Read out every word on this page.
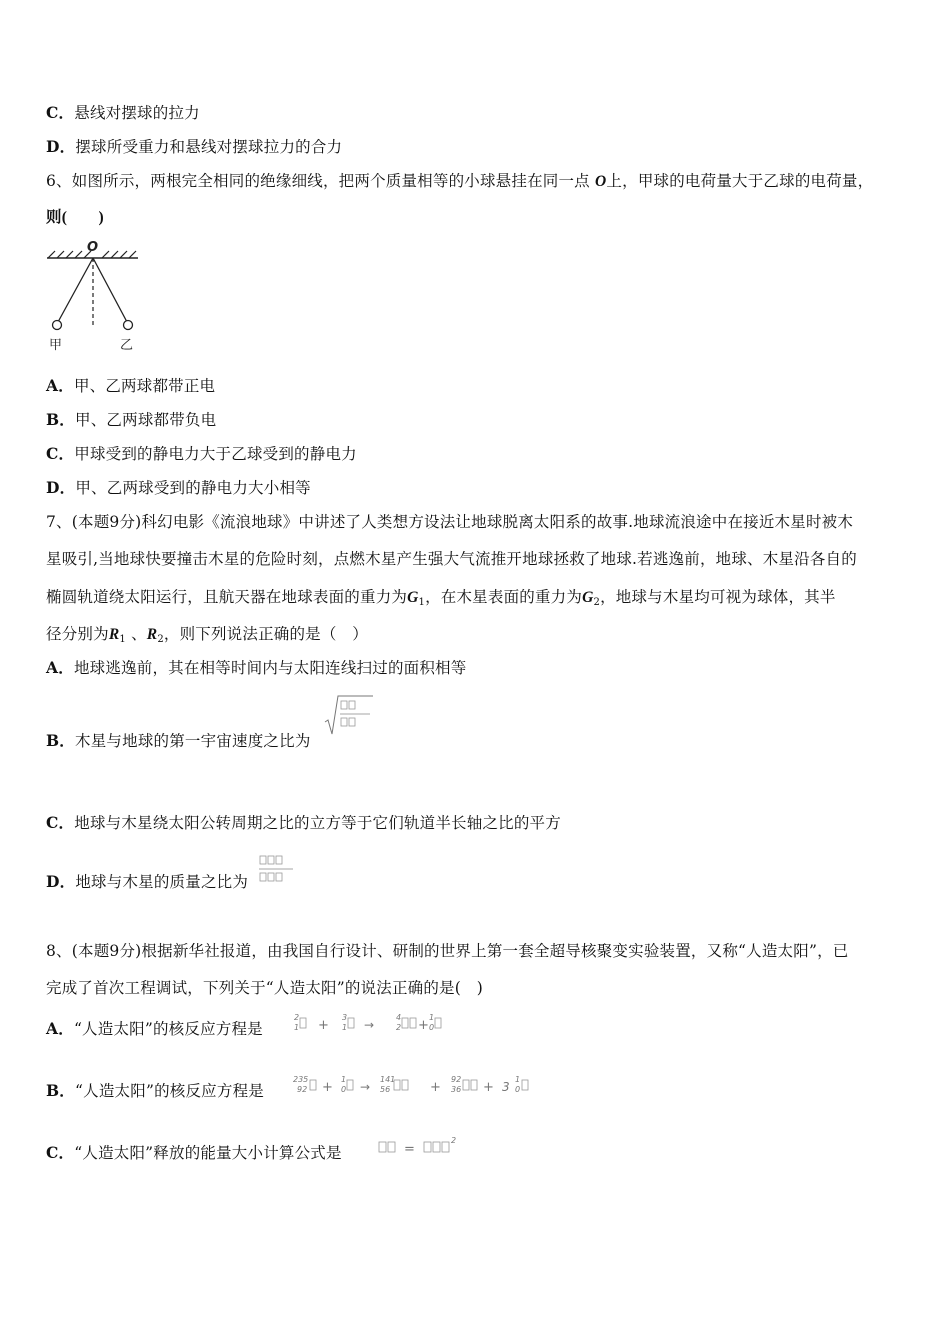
C．悬线对摆球的拉力
D．摆球所受重力和悬线对摆球拉力的合力
6、如图所示，两根完全相同的绝缘细线，把两个质量相等的小球悬挂在同一点 O上，甲球的电荷量大于乙球的电荷量，
则(　　)
O
甲	乙
A．甲、乙两球都带正电
B．甲、乙两球都带负电
C．甲球受到的静电力大于乙球受到的静电力
D．甲、乙两球受到的静电力大小相等
7、(本题9分)科幻电影《流浪地球》中讲述了人类想方设法让地球脱离太阳系的故事.地球流浪途中在接近木星时被木
星吸引,当地球快要撞击木星的危险时刻，点燃木星产生强大气流推开地球拯救了地球.若逃逸前，地球、木星沿各自的
椭圆轨道绕太阳运行，且航天器在地球表面的重力为$G_1$，在木星表面的重力为$G_2$，地球与木星均可视为球体，其半
径分别为$R_1$ 、$R_2$，则下列说法正确的是（　）
A．地球逃逸前，其在相等时间内与太阳连线扫过的面积相等
B．木星与地球的第一宇宙速度之比为
C．地球与木星绕太阳公转周期之比的立方等于它们轨道半长轴之比的平方
D．地球与木星的质量之比为
8、(本题9分)根据新华社报道，由我国自行设计、研制的世界上第一套全超导核聚变实验装置，又称“人造太阳”，已
完成了首次工程调试，下列关于“人造太阳”的说法正确的是(　)
A．“人造太阳”的核反应方程是
2
1
3
1
4
2
1
0
+	→	+
B．“人造太阳”的核反应方程是
235
92
1
0
141
56
92
36
1
0
+ →	+	+ 3
C．“人造太阳”释放的能量大小计算公式是	=
2
